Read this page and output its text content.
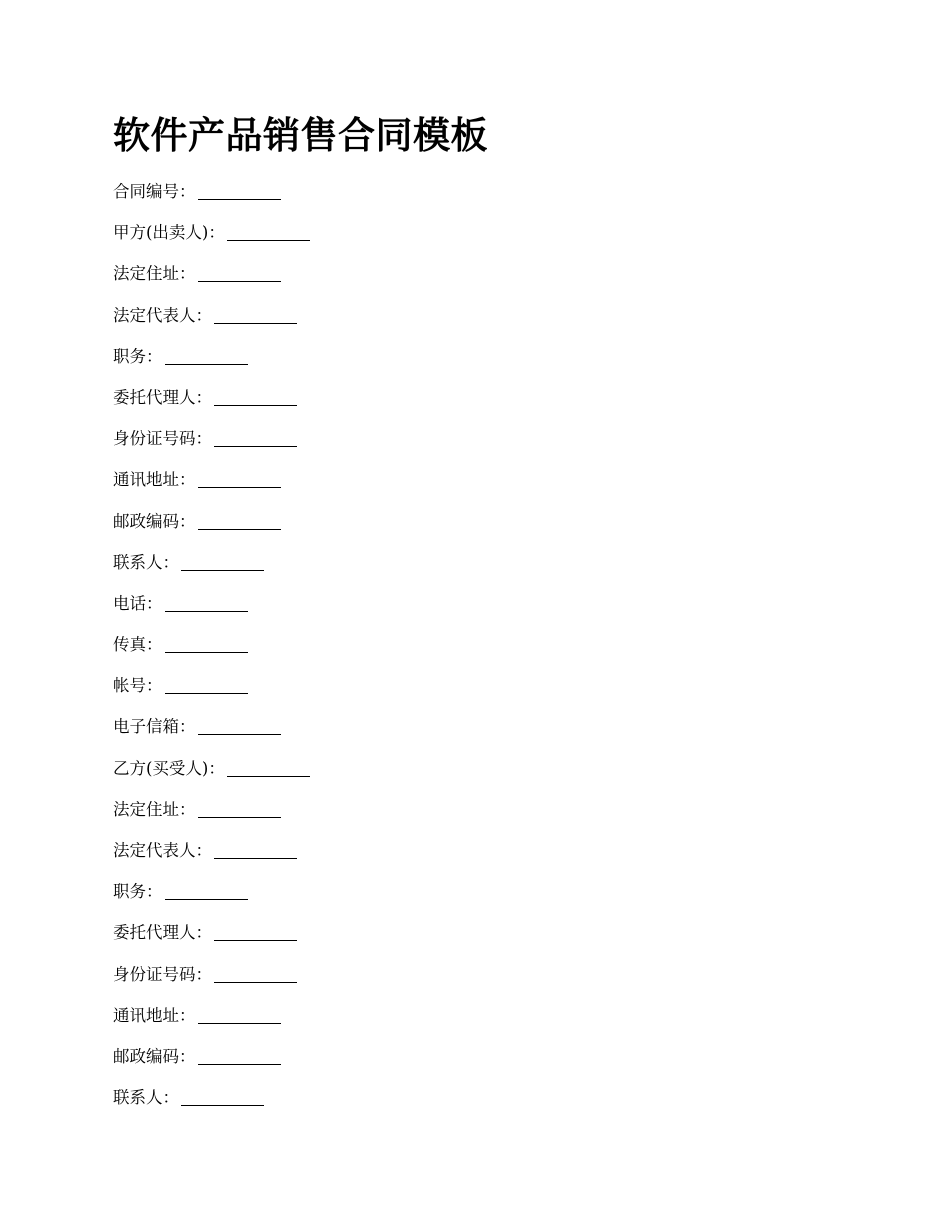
软件产品销售合同模板
合同编号：
甲方(出卖人)：
法定住址：
法定代表人：
职务：
委托代理人：
身份证号码：
通讯地址：
邮政编码：
联系人：
电话：
传真：
帐号：
电子信箱：
乙方(买受人)：
法定住址：
法定代表人：
职务：
委托代理人：
身份证号码：
通讯地址：
邮政编码：
联系人：
